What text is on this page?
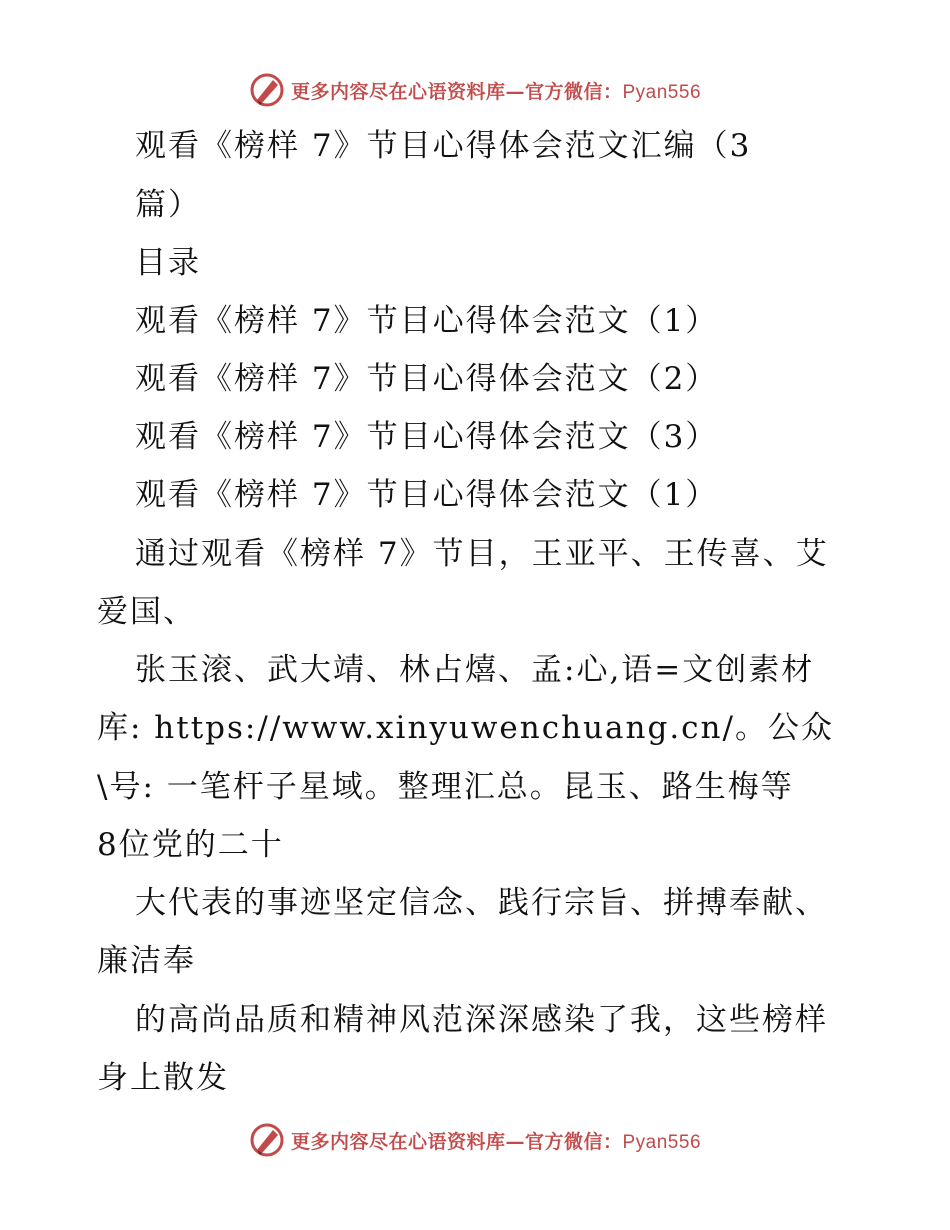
更多内容尽在心语资料库—官方微信：Pyan556
观看《榜样 7》节目心得体会范文汇编（3
篇）
目录
观看《榜样 7》节目心得体会范文（1）
观看《榜样 7》节目心得体会范文（2）
观看《榜样 7》节目心得体会范文（3）
观看《榜样 7》节目心得体会范文（1）
通过观看《榜样 7》节目，王亚平、王传喜、艾
爱国、
张玉滚、武大靖、林占熺、孟:心,语=文创素材
库: https://www.xinyuwenchuang.cn/。公众
\号: 一笔杆子星域。整理汇总。昆玉、路生梅等
8位党的二十
大代表的事迹坚定信念、践行宗旨、拼搏奉献、
廉洁奉
的高尚品质和精神风范深深感染了我，这些榜样
身上散发
更多内容尽在心语资料库—官方微信：Pyan556
